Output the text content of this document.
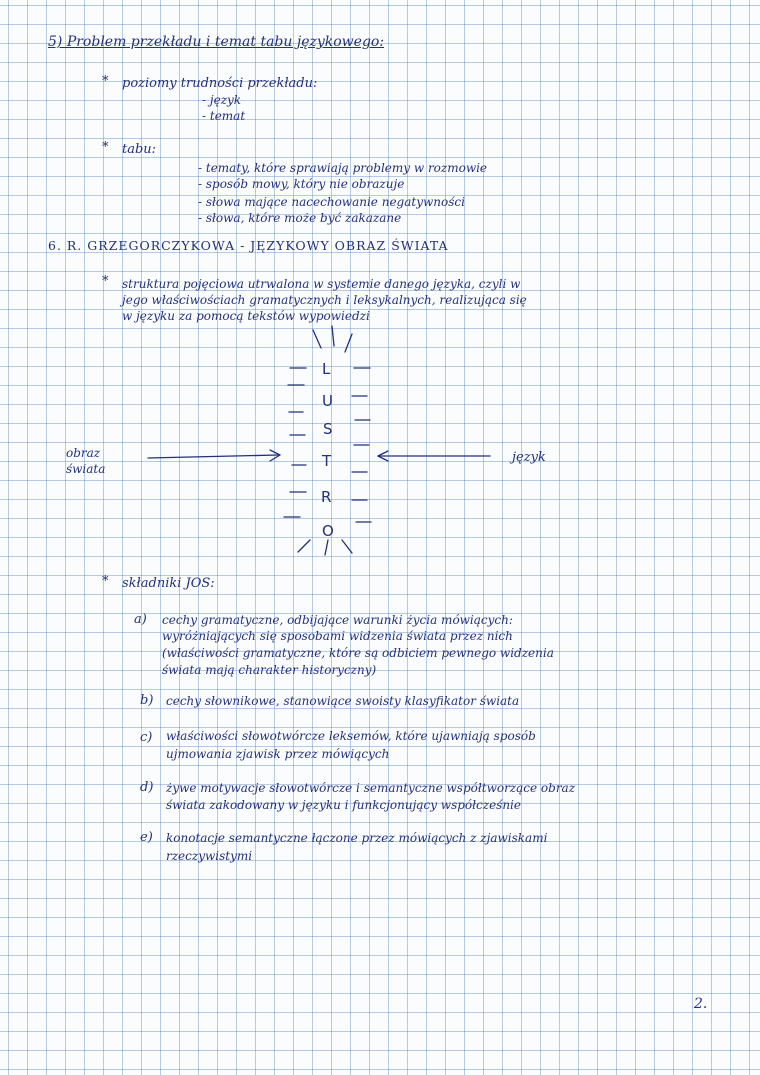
5) Problem przekładu i temat tabu językowego:
* poziomy trudności przekładu:
- język
- temat
* tabu:
- tematy, które sprawiają problemy w rozmowie
- sposób mowy, który nie obrazuje
- słowa mające nacechowanie negatywności
- słowa, które może być zakazane
6. R. GRZEGORCZYKOWA - JĘZYKOWY OBRAZ ŚWIATA
* struktura pojęciowa utrwalona w systemie danego języka, czyli w
jego właściwościach gramatycznych i leksykalnych, realizująca się
w języku za pomocą tekstów wypowiedzi
L
U
S
T
R
O
obraz
świata
język
* składniki JOS:
a) cechy gramatyczne, odbijające warunki życia mówiących:
wyróżniających się sposobami widzenia świata przez nich
(właściwości gramatyczne, które są odbiciem pewnego widzenia
świata mają charakter historyczny)
b) cechy słownikowe, stanowiące swoisty klasyfikator świata
c) właściwości słowotwórcze leksemów, które ujawniają sposób
ujmowania zjawisk przez mówiących
d) żywe motywacje słowotwórcze i semantyczne współtworzące obraz
świata zakodowany w języku i funkcjonujący współcześnie
e) konotacje semantyczne łączone przez mówiących z zjawiskami
rzeczywistymi
2.
